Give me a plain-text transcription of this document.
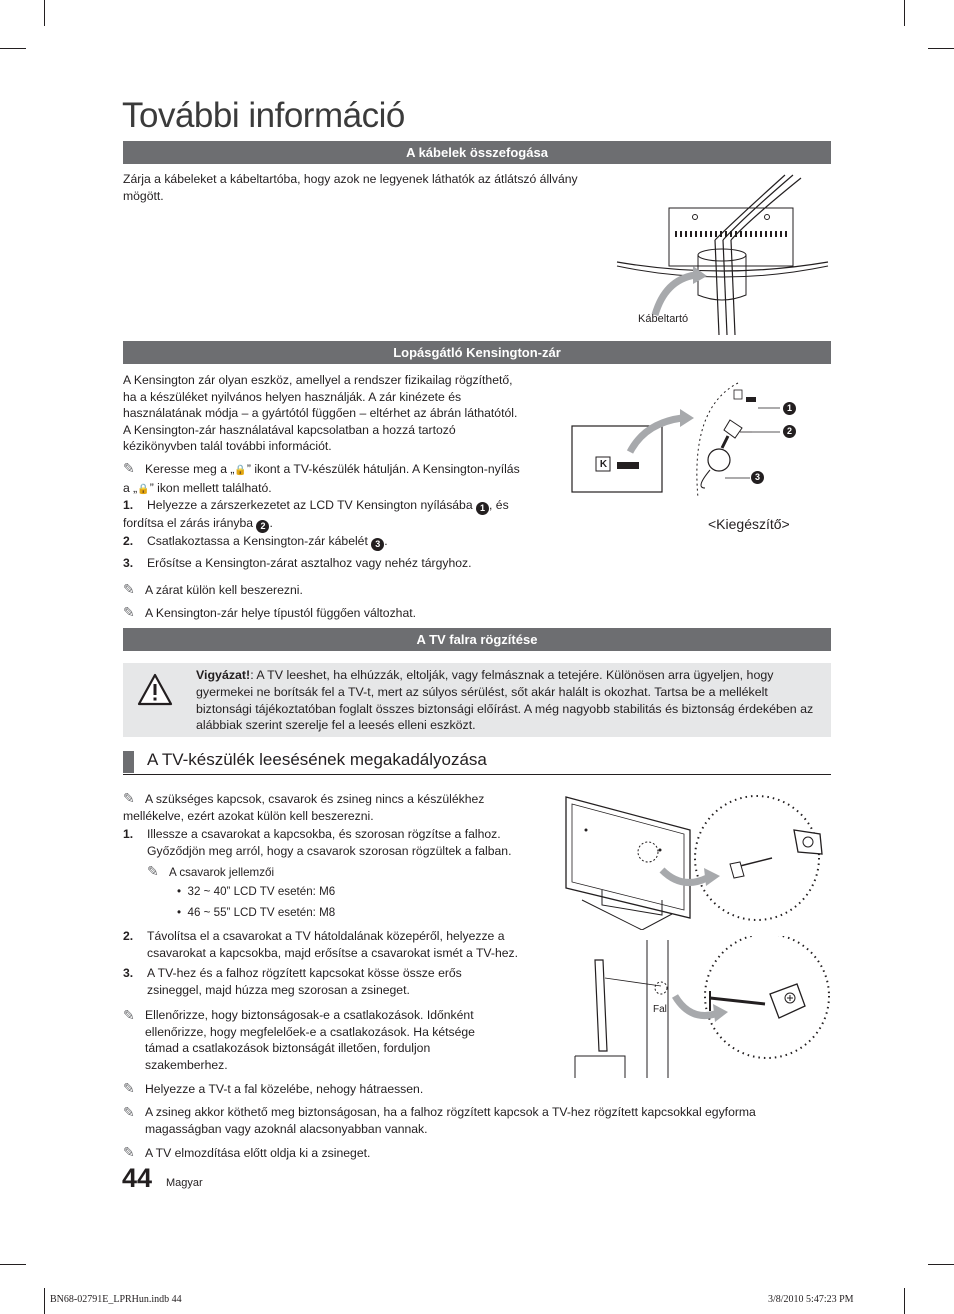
További információ
A kábelek összefogása
Zárja a kábeleket a kábeltartóba, hogy azok ne legyenek láthatók az átlátszó állvány mögött.
Kábeltartó
Lopásgátló Kensington-zár
A Kensington zár olyan eszköz, amellyel a rendszer fizikailag rögzíthető, ha a készüléket nyilvános helyen használják. A zár kinézete és használatának módja – a gyártótól függően – eltérhet az ábrán láthatótól. A Kensington-zár használatával kapcsolatban a hozzá tartozó kézikönyvben talál további információt.
✎ Keresse meg a „🔒” ikont a TV-készülék hátulján. A Kensington-nyílás a „🔒” ikon mellett található.
1. Helyezze a zárszerkezetet az LCD TV Kensington nyílásába 1 , és fordítsa el zárás irányba 2 .
2. Csatlakoztassa a Kensington-zár kábelét 3 .
3. Erősítse a Kensington-zárat asztalhoz vagy nehéz tárgyhoz.
✎ A zárat külön kell beszerezni.
✎ A Kensington-zár helye típustól függően változhat.
K
1
2
3
<Kiegészítő>
A TV falra rögzítése
Vigyázat!: A TV leeshet, ha elhúzzák, eltolják, vagy felmásznak a tetejére. Különösen arra ügyeljen, hogy gyermekei ne borítsák fel a TV-t, mert az súlyos sérülést, sőt akár halált is okozhat. Tartsa be a mellékelt biztonsági tájékoztatóban foglalt összes biztonsági előírást. A még nagyobb stabilitás és biztonság érdekében az alábbiak szerint szerelje fel a leesés elleni eszközt.
A TV-készülék leesésének megakadályozása
✎ A szükséges kapcsok, csavarok és zsineg nincs a készülékhez mellékelve, ezért azokat külön kell beszerezni.
1.	Illessze a csavarokat a kapcsokba, és szorosan rögzítse a falhoz. Győződjön meg arról, hogy a csavarok szorosan rögzültek a falban.
✎ A csavarok jellemzői
•  32 ~ 40” LCD TV esetén: M6
•  46 ~ 55” LCD TV esetén: M8
2.	Távolítsa el a csavarokat a TV hátoldalának közepéről, helyezze a csavarokat a kapcsokba, majd erősítse a csavarokat ismét a TV-hez.
3.	A TV-hez és a falhoz rögzített kapcsokat kösse össze erős zsineggel, majd húzza meg szorosan a zsineget.
✎ Ellenőrizze, hogy biztonságosak-e a csatlakozások. Időnként ellenőrizze, hogy megfelelőek-e a csatlakozások. Ha kétsége támad a csatlakozások biztonságát illetően, forduljon szakemberhez.
✎ Helyezze a TV-t a fal közelébe, nehogy hátraessen.
✎ A zsineg akkor köthető meg biztonságosan, ha a falhoz rögzített kapcsok a TV-hez rögzített kapcsokkal egyforma magasságban vagy azoknál alacsonyabban vannak.
✎ A TV elmozdítása előtt oldja ki a zsineget.
Fal
44 Magyar
BN68-02791E_LPRHun.indb 44	3/8/2010 5:47:23 PM
